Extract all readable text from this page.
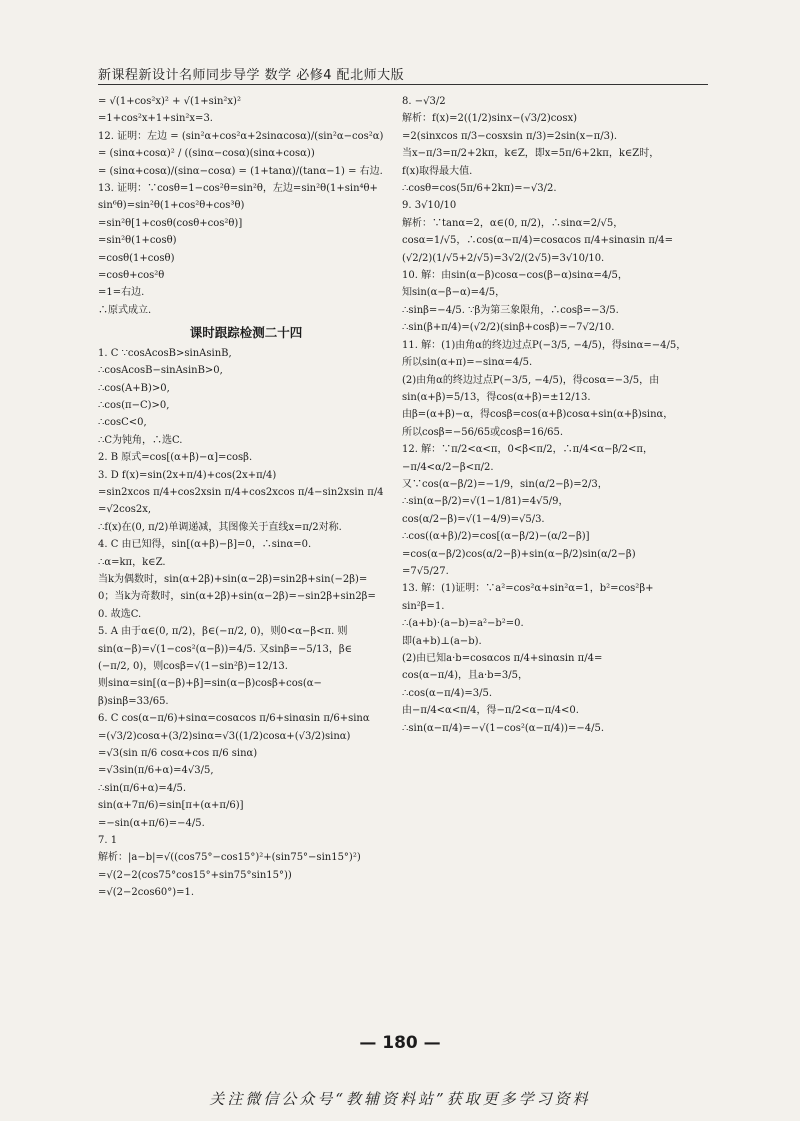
新课程新设计名师同步导学 数学 必修4 配北师大版
= √(1+cos²x)² + √(1+sin²x)²
=1+cos²x+1+sin²x=3.
12. 证明：左边 = (sin²α+cos²α+2sinαcosα)/(sin²α−cos²α)
= (sinα+cosα)² / ((sinα−cosα)(sinα+cosα))
= (sinα+cosα)/(sinα−cosα) = (1+tanα)/(tanα−1) = 右边.
13. 证明：∵cosθ=1−cos²θ=sin²θ，左边=sin²θ(1+sin⁴θ+
sin⁶θ)=sin²θ(1+cos²θ+cos³θ)
=sin²θ[1+cosθ(cosθ+cos²θ)]
=sin²θ(1+cosθ)
=cosθ(1+cosθ)
=cosθ+cos²θ
=1=右边.
∴原式成立.
课时跟踪检测二十四
1. C ∵cosAcosB>sinAsinB,
∴cosAcosB−sinAsinB>0,
∴cos(A+B)>0,
∴cos(π−C)>0,
∴cosC<0,
∴C为钝角，∴选C.
2. B 原式=cos[(α+β)−α]=cosβ.
3. D f(x)=sin(2x+π/4)+cos(2x+π/4)
=sin2xcos π/4+cos2xsin π/4+cos2xcos π/4−sin2xsin π/4
=√2cos2x,
∴f(x)在(0, π/2)单调递减，其图像关于直线x=π/2对称.
4. C 由已知得，sin[(α+β)−β]=0，∴sinα=0.
∴α=kπ，k∈Z.
当k为偶数时，sin(α+2β)+sin(α−2β)=sin2β+sin(−2β)=
0；当k为奇数时，sin(α+2β)+sin(α−2β)=−sin2β+sin2β=
0. 故选C.
5. A 由于α∈(0, π/2)，β∈(−π/2, 0)，则0<α−β<π. 则
sin(α−β)=√(1−cos²(α−β))=4/5. 又sinβ=−5/13，β∈
(−π/2, 0)，则cosβ=√(1−sin²β)=12/13.
则sinα=sin[(α−β)+β]=sin(α−β)cosβ+cos(α−
β)sinβ=33/65.
6. C cos(α−π/6)+sinα=cosαcos π/6+sinαsin π/6+sinα
=(√3/2)cosα+(3/2)sinα=√3((1/2)cosα+(√3/2)sinα)
=√3(sin π/6 cosα+cos π/6 sinα)
=√3sin(π/6+α)=4√3/5,
∴sin(π/6+α)=4/5.
sin(α+7π/6)=sin[π+(α+π/6)]
=−sin(α+π/6)=−4/5.
7. 1
解析：|a−b|=√((cos75°−cos15°)²+(sin75°−sin15°)²)
=√(2−2(cos75°cos15°+sin75°sin15°))
=√(2−2cos60°)=1.
8. −√3/2
解析：f(x)=2((1/2)sinx−(√3/2)cosx)
=2(sinxcos π/3−cosxsin π/3)=2sin(x−π/3).
当x−π/3=π/2+2kπ，k∈Z，即x=5π/6+2kπ，k∈Z时，
f(x)取得最大值.
∴cosθ=cos(5π/6+2kπ)=−√3/2.
9. 3√10/10
解析：∵tanα=2，α∈(0, π/2)，∴sinα=2/√5，
cosα=1/√5，∴cos(α−π/4)=cosαcos π/4+sinαsin π/4=
(√2/2)(1/√5+2/√5)=3√2/(2√5)=3√10/10.
10. 解：由sin(α−β)cosα−cos(β−α)sinα=4/5，
知sin(α−β−α)=4/5，
∴sinβ=−4/5. ∵β为第三象限角，∴cosβ=−3/5.
∴sin(β+π/4)=(√2/2)(sinβ+cosβ)=−7√2/10.
11. 解：(1)由角α的终边过点P(−3/5, −4/5)，得sinα=−4/5，
所以sin(α+π)=−sinα=4/5.
(2)由角α的终边过点P(−3/5, −4/5)，得cosα=−3/5，由
sin(α+β)=5/13，得cos(α+β)=±12/13.
由β=(α+β)−α，得cosβ=cos(α+β)cosα+sin(α+β)sinα，
所以cosβ=−56/65或cosβ=16/65.
12. 解：∵π/2<α<π，0<β<π/2，∴π/4<α−β/2<π，
−π/4<α/2−β<π/2.
又∵cos(α−β/2)=−1/9，sin(α/2−β)=2/3，
∴sin(α−β/2)=√(1−1/81)=4√5/9，
cos(α/2−β)=√(1−4/9)=√5/3.
∴cos((α+β)/2)=cos[(α−β/2)−(α/2−β)]
=cos(α−β/2)cos(α/2−β)+sin(α−β/2)sin(α/2−β)
=7√5/27.
13. 解：(1)证明：∵a²=cos²α+sin²α=1，b²=cos²β+
sin²β=1.
∴(a+b)·(a−b)=a²−b²=0.
即(a+b)⊥(a−b).
(2)由已知a·b=cosαcos π/4+sinαsin π/4=
cos(α−π/4)，且a·b=3/5，
∴cos(α−π/4)=3/5.
由−π/4<α<π/4，得−π/2<α−π/4<0.
∴sin(α−π/4)=−√(1−cos²(α−π/4))=−4/5.
— 180 —
关注微信公众号“教辅资料站”获取更多学习资料
